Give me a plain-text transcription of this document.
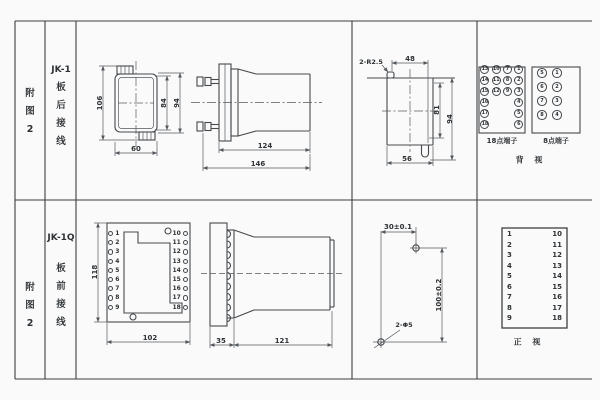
附图2
JK-1
板后接线
附图2
JK-1Q
板前接线
106	84 94
60	124
146
2-R2.5	48
81
94
56
18点端子	8点端子
背 视
118
102	35	121
30±0.1
100±0.2
2-Φ5
正 视
13 10	7	1
14 11	8	2
15 12	9	3
16	4
17	5
18	6
5	1
6	2
7	3
8	4
1
2
3
4
5
6
7
8
9
10
11
12
13
14
15
16
17
18
1
2
3
4
5
6
7
8
9
10
11
12
13
14
15
16
17
18
